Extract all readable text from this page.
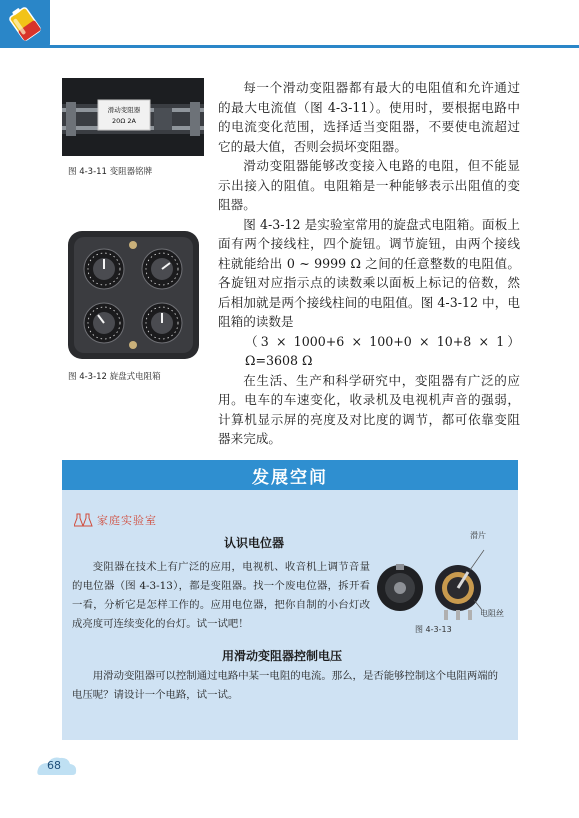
滑动变阻器
20Ω 2A
图 4-3-11 变阻器铭牌
图 4-3-12 旋盘式电阻箱

每一个滑动变阻器都有最大的电阻值和允许通过的最大电流值（图 4-3-11）。使用时，要根据电路中的电流变化范围，选择适当变阻器，不要使电流超过它的最大值，否则会损坏变阻器。

滑动变阻器能够改变接入电路的电阻，但不能显示出接入的阻值。电阻箱是一种能够表示出阻值的变阻器。

图 4-3-12 是实验室常用的旋盘式电阻箱。面板上面有两个接线柱，四个旋钮。调节旋钮，由两个接线柱就能给出 0 ~ 9999 Ω 之间的任意整数的电阻值。各旋钮对应指示点的读数乘以面板上标记的倍数，然后相加就是两个接线柱间的电阻值。图 4-3-12 中，电阻箱的读数是

（3 × 1000+6 × 100+0 × 10+8 × 1） Ω=3608 Ω

在生活、生产和科学研究中，变阻器有广泛的应用。电车的车速变化，收录机及电视机声音的强弱，计算机显示屏的亮度及对比度的调节，都可依靠变阻器来完成。

发展空间
家庭实验室
认识电位器

变阻器在技术上有广泛的应用，电视机、收音机上调节音量的电位器（图 4-3-13），都是变阻器。找一个废电位器，拆开看一看，分析它是怎样工作的。应用电位器，把你自制的小台灯改成亮度可连续变化的台灯。试一试吧！

滑片
电阻丝
图 4-3-13
用滑动变阻器控制电压

用滑动变阻器可以控制通过电路中某一电阻的电流。那么，是否能够控制这个电阻两端的电压呢？请设计一个电路，试一试。

68
